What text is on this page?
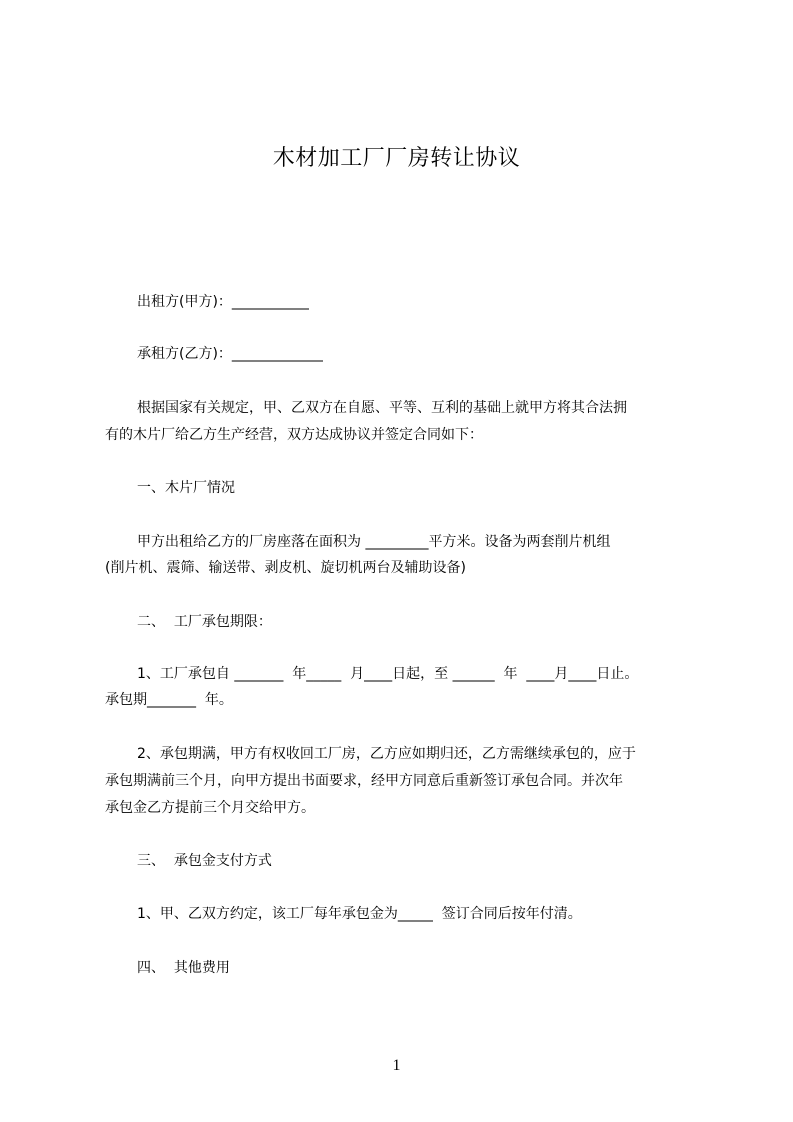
木材加工厂厂房转让协议
出租方(甲方)：___________
承租方(乙方)：_____________
根据国家有关规定，甲、乙双方在自愿、平等、互利的基础上就甲方将其合法拥
有的木片厂给乙方生产经营，双方达成协议并签定合同如下：
一、木片厂情况
甲方出租给乙方的厂房座落在面积为 _________平方米。设备为两套削片机组
(削片机、震筛、输送带、剥皮机、旋切机两台及辅助设备)
二、  工厂承包期限：
1、工厂承包自 _______  年_____  月____日起，至 ______  年  ____月____日止。
承包期_______  年。
2、承包期满，甲方有权收回工厂房，乙方应如期归还，乙方需继续承包的，应于
承包期满前三个月，向甲方提出书面要求，经甲方同意后重新签订承包合同。并次年
承包金乙方提前三个月交给甲方。
三、  承包金支付方式
1、甲、乙双方约定，该工厂每年承包金为_____  签订合同后按年付清。
四、  其他费用
1
